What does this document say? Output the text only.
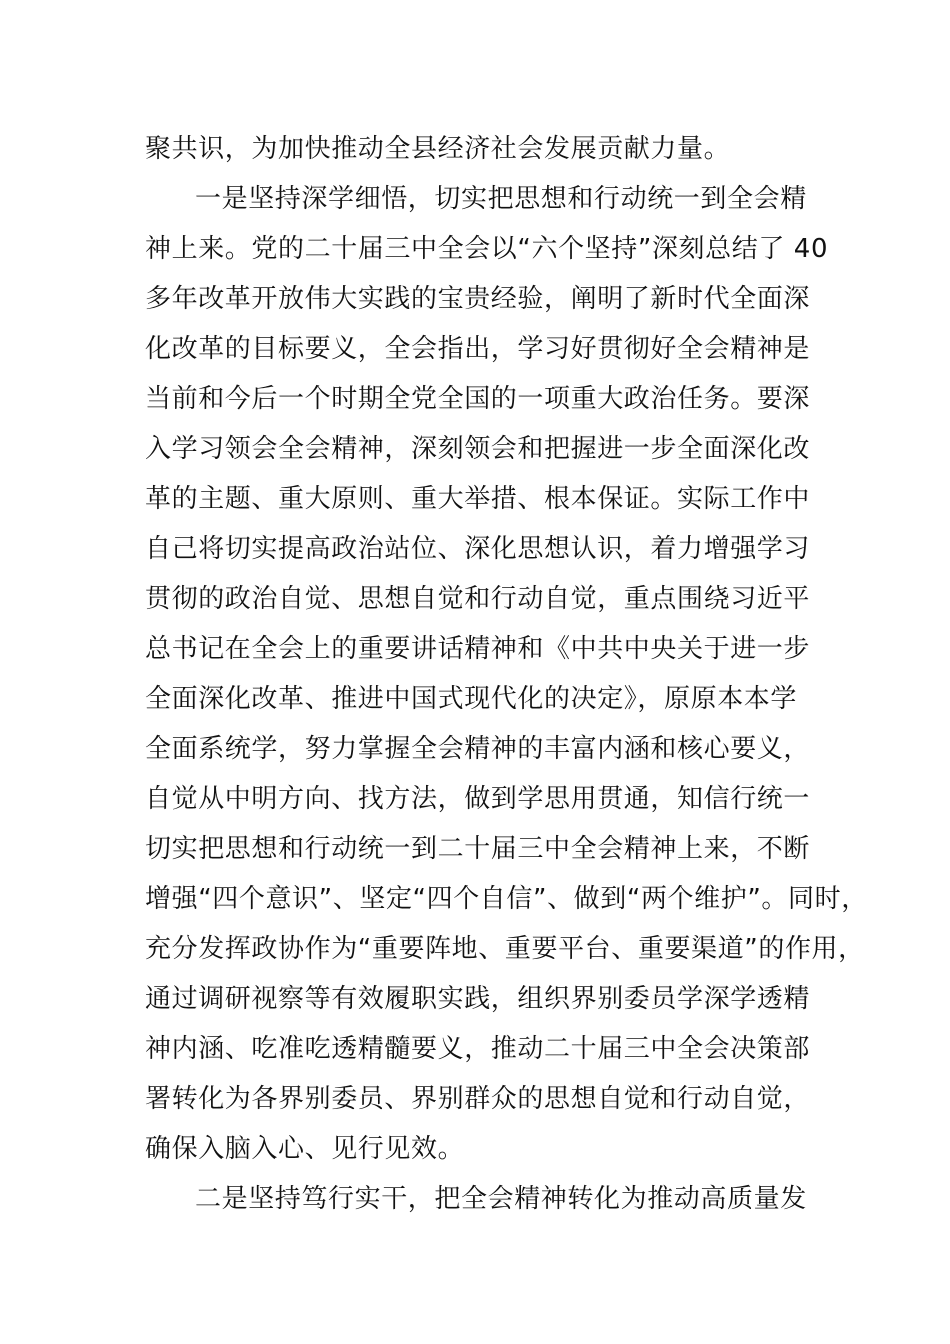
聚共识，为加快推动全县经济社会发展贡献力量。
一是坚持深学细悟，切实把思想和行动统一到全会精
神上来。党的二十届三中全会以“六个坚持”深刻总结了 40
多年改革开放伟大实践的宝贵经验，阐明了新时代全面深
化改革的目标要义，全会指出，学习好贯彻好全会精神是
当前和今后一个时期全党全国的一项重大政治任务。要深
入学习领会全会精神，深刻领会和把握进一步全面深化改
革的主题、重大原则、重大举措、根本保证。实际工作中
自己将切实提高政治站位、深化思想认识，着力增强学习
贯彻的政治自觉、思想自觉和行动自觉，重点围绕习近平
总书记在全会上的重要讲话精神和《中共中央关于进一步
全面深化改革、推进中国式现代化的决定》，原原本本学
全面系统学，努力掌握全会精神的丰富内涵和核心要义，
自觉从中明方向、找方法，做到学思用贯通，知信行统一
切实把思想和行动统一到二十届三中全会精神上来，不断
增强“四个意识”、坚定“四个自信”、做到“两个维护”。同时，
充分发挥政协作为“重要阵地、重要平台、重要渠道”的作用，
通过调研视察等有效履职实践，组织界别委员学深学透精
神内涵、吃准吃透精髓要义，推动二十届三中全会决策部
署转化为各界别委员、界别群众的思想自觉和行动自觉，
确保入脑入心、见行见效。
二是坚持笃行实干，把全会精神转化为推动高质量发
